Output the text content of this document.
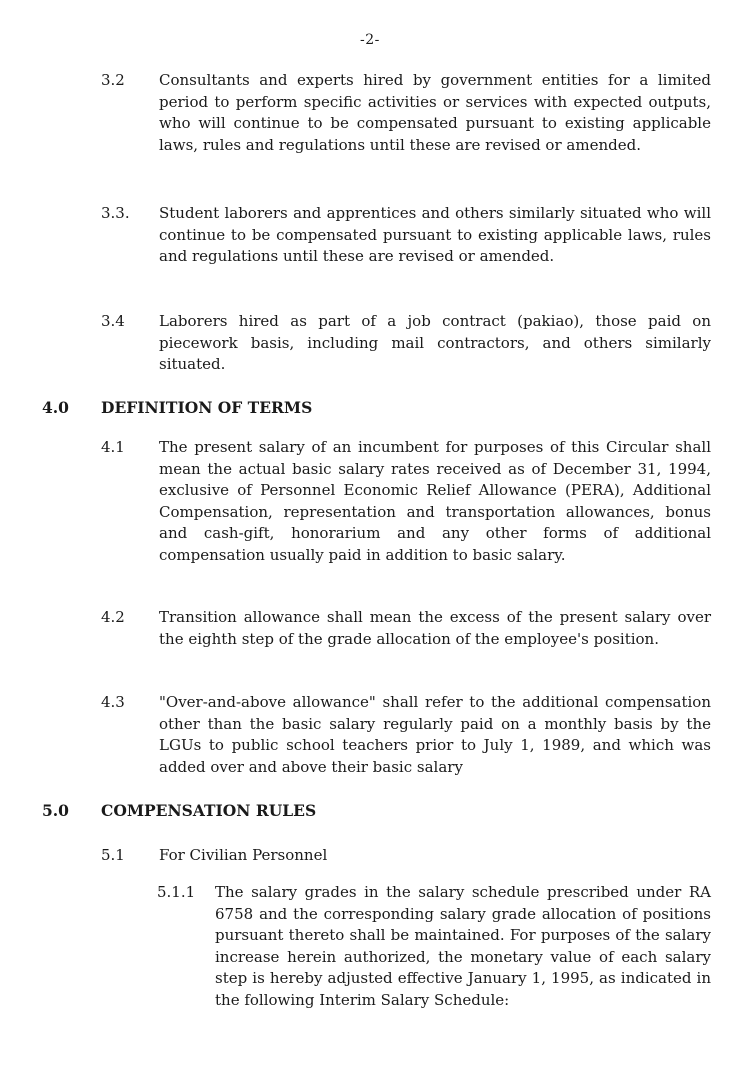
-2-
3.2 Consultants and experts hired by government entities for a limited period to perform specific activities or services with expected outputs, who will continue to be compensated pursuant to existing applicable laws, rules and regulations until these are revised or amended.
3.3. Student laborers and apprentices and others similarly situated who will continue to be compensated pursuant to existing applicable laws, rules and regulations until these are revised or amended.
3.4 Laborers hired as part of a job contract (pakiao), those paid on piecework basis, including mail contractors, and others similarly situated.
4.0 DEFINITION OF TERMS
4.1 The present salary of an incumbent for purposes of this Circular shall mean the actual basic salary rates received as of December 31, 1994, exclusive of Personnel Economic Relief Allowance (PERA), Additional Compensation, representation and transportation allowances, bonus and cash-gift, honorarium and any other forms of additional compensation usually paid in addition to basic salary.
4.2 Transition allowance shall mean the excess of the present salary over the eighth step of the grade allocation of the employee's position.
4.3 "Over-and-above allowance" shall refer to the additional compensation other than the basic salary regularly paid on a monthly basis by the LGUs to public school teachers prior to July 1, 1989, and which was added over and above their basic salary
5.0 COMPENSATION RULES
5.1 For Civilian Personnel
5.1.1 The salary grades in the salary schedule prescribed under RA 6758 and the corresponding salary grade allocation of positions pursuant thereto shall be maintained. For purposes of the salary increase herein authorized, the monetary value of each salary step is hereby adjusted effective January 1, 1995, as indicated in the following Interim Salary Schedule:
